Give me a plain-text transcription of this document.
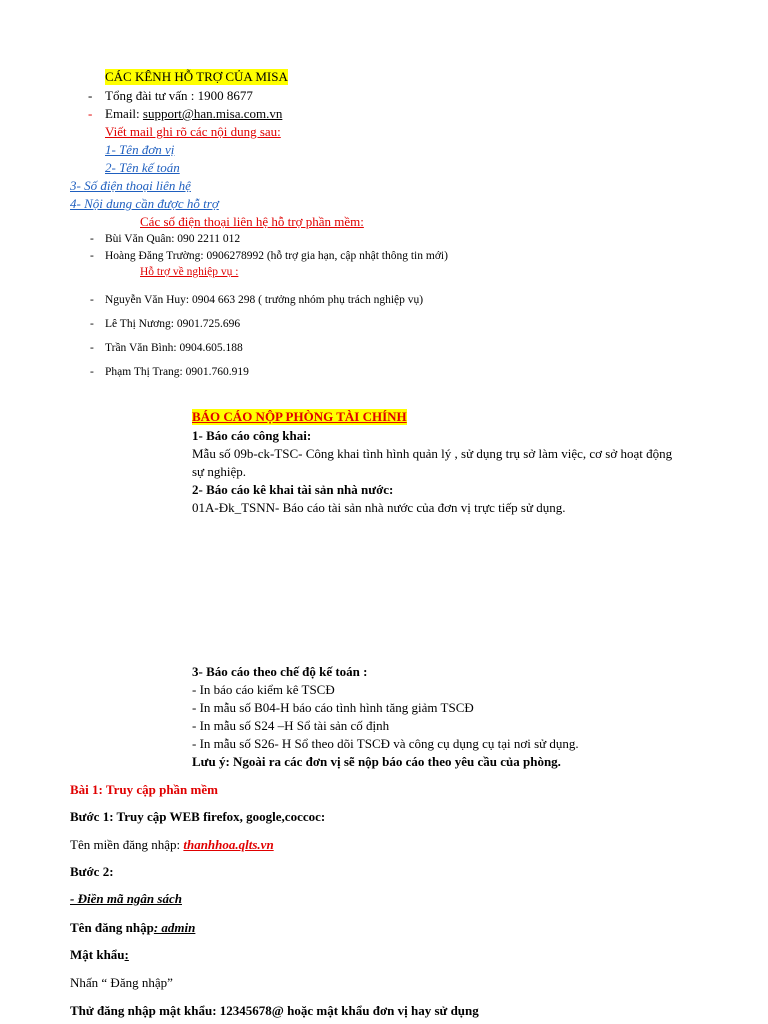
CÁC KÊNH HỖ TRỢ CỦA MISA
- Tổng đài tư vấn : 1900 8677
- Email: support@han.misa.com.vn
Viết mail ghi rõ các nội dung sau:
1- Tên đơn vị
2- Tên kế toán
3- Số điện thoại liên hệ
4- Nội dung cần được hỗ trợ
Các số điện thoại liên hệ hỗ trợ phần mềm:
- Bùi Văn Quân: 090 2211 012
- Hoàng Đăng Trường: 0906278992 (hỗ trợ gia hạn, cập nhật thông tin mới)
Hỗ trợ về nghiệp vụ :
- Nguyễn Văn Huy: 0904 663 298 ( trưởng nhóm phụ trách nghiệp vụ)
- Lê Thị Nương: 0901.725.696
- Trần Văn Bình: 0904.605.188
- Phạm Thị Trang: 0901.760.919
BÁO CÁO NỘP PHÒNG TÀI CHÍNH
1- Báo cáo công khai:
Mẫu số 09b-ck-TSC- Công khai tình hình quản lý , sử dụng trụ sở làm việc, cơ sở hoạt động
sự nghiệp.
2- Báo cáo kê khai tài sản nhà nước:
01A-Đk_TSNN- Báo cáo tài sản nhà nước của đơn vị trực tiếp sử dụng.
3- Báo cáo theo chế độ kế toán :
- In báo cáo kiểm kê TSCĐ
- In mẫu số B04-H báo cáo tình hình tăng giảm TSCĐ
- In mẫu số S24 –H Sổ tài sản cố định
- In mẫu số S26- H Sổ theo dõi TSCĐ và công cụ dụng cụ tại nơi sử dụng.
Lưu ý: Ngoài ra các đơn vị sẽ nộp báo cáo theo yêu cầu của phòng.
Bài 1: Truy cập phần mềm
Bước 1: Truy cập WEB firefox, google,coccoc:
Tên miền đăng nhập: thanhhoa.qlts.vn
Bước 2:
- Điền mã ngân sách
Tên đăng nhập: admin
Mật khẩu:
Nhấn “ Đăng nhập”
Thử đăng nhập mật khẩu: 12345678@ hoặc mật khẩu đơn vị hay sử dụng
